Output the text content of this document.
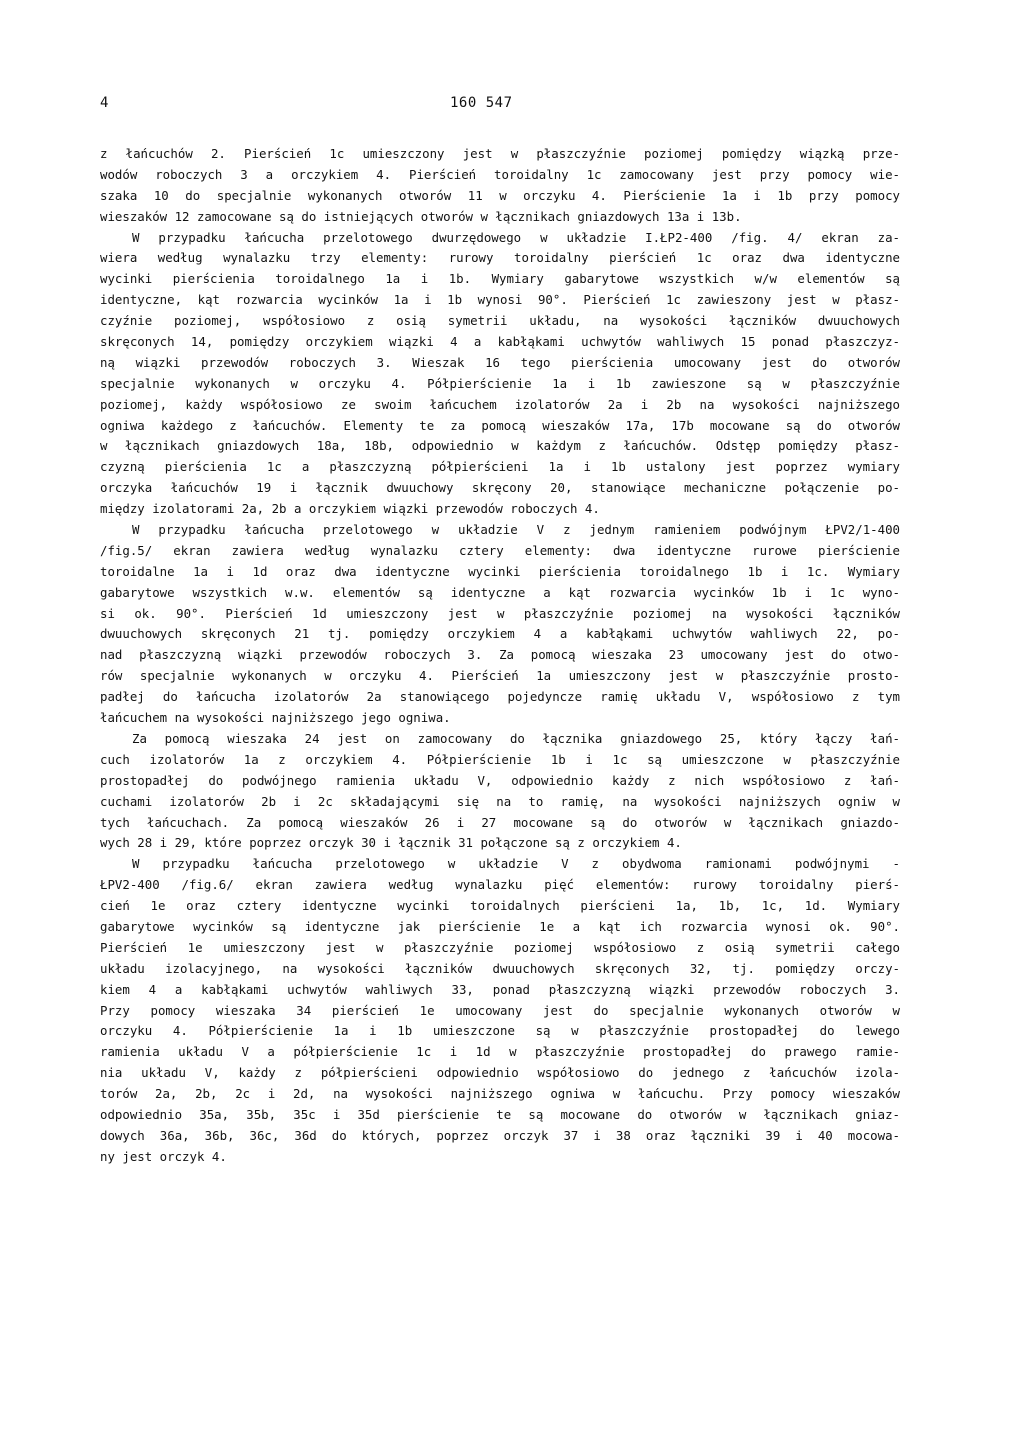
4	160 547
z łańcuchów 2. Pierścień 1c umieszczony jest w płaszczyźnie poziomej pomiędzy wiązką prze-
wodów roboczych 3 a orczykiem 4. Pierścień toroidalny 1c zamocowany jest przy pomocy wie-
szaka 10 do specjalnie wykonanych otworów 11 w orczyku 4. Pierścienie 1a i 1b przy pomocy
wieszaków 12 zamocowane są do istniejących otworów w łącznikach gniazdowych 13a i 13b.
W przypadku łańcucha przelotowego dwurzędowego w układzie I.ŁP2-400 /fig. 4/ ekran za-
wiera według wynalazku trzy elementy: rurowy toroidalny pierścień 1c oraz dwa identyczne
wycinki pierścienia toroidalnego 1a i 1b. Wymiary gabarytowe wszystkich w/w elementów są
identyczne, kąt rozwarcia wycinków 1a i 1b wynosi 90°. Pierścień 1c zawieszony jest w płasz-
czyźnie poziomej, współosiowo z osią symetrii układu, na wysokości łączników dwuuchowych
skręconych 14, pomiędzy orczykiem wiązki 4 a kabłąkami uchwytów wahliwych 15 ponad płaszczyz-
ną wiązki przewodów roboczych 3. Wieszak 16 tego pierścienia umocowany jest do otworów
specjalnie wykonanych w orczyku 4. Półpierścienie 1a i 1b zawieszone są w płaszczyźnie
poziomej, każdy współosiowo ze swoim łańcuchem izolatorów 2a i 2b na wysokości najniższego
ogniwa każdego z łańcuchów. Elementy te za pomocą wieszaków 17a, 17b mocowane są do otworów
w łącznikach gniazdowych 18a, 18b, odpowiednio w każdym z łańcuchów. Odstęp pomiędzy płasz-
czyzną pierścienia 1c a płaszczyzną półpierścieni 1a i 1b ustalony jest poprzez wymiary
orczyka łańcuchów 19 i łącznik dwuuchowy skręcony 20, stanowiące mechaniczne połączenie po-
między izolatorami 2a, 2b a orczykiem wiązki przewodów roboczych 4.
W przypadku łańcucha przelotowego w układzie V z jednym ramieniem podwójnym ŁPV2/1-400
/fig.5/ ekran zawiera według wynalazku cztery elementy: dwa identyczne rurowe pierścienie
toroidalne 1a i 1d oraz dwa identyczne wycinki pierścienia toroidalnego 1b i 1c. Wymiary
gabarytowe wszystkich w.w. elementów są identyczne a kąt rozwarcia wycinków 1b i 1c wyno-
si ok. 90°. Pierścień 1d umieszczony jest w płaszczyźnie poziomej na wysokości łączników
dwuuchowych skręconych 21 tj. pomiędzy orczykiem 4 a kabłąkami uchwytów wahliwych 22, po-
nad płaszczyzną wiązki przewodów roboczych 3. Za pomocą wieszaka 23 umocowany jest do otwo-
rów specjalnie wykonanych w orczyku 4. Pierścień 1a umieszczony jest w płaszczyźnie prosto-
padłej do łańcucha izolatorów 2a stanowiącego pojedyncze ramię układu V, współosiowo z tym
łańcuchem na wysokości najniższego jego ogniwa.
Za pomocą wieszaka 24 jest on zamocowany do łącznika gniazdowego 25, który łączy łań-
cuch izolatorów 1a z orczykiem 4. Półpierścienie 1b i 1c są umieszczone w płaszczyźnie
prostopadłej do podwójnego ramienia układu V, odpowiednio każdy z nich współosiowo z łań-
cuchami izolatorów 2b i 2c składającymi się na to ramię, na wysokości najniższych ogniw w
tych łańcuchach. Za pomocą wieszaków 26 i 27 mocowane są do otworów w łącznikach gniazdo-
wych 28 i 29, które poprzez orczyk 30 i łącznik 31 połączone są z orczykiem 4.
W przypadku łańcucha przelotowego w układzie V z obydwoma ramionami podwójnymi -
ŁPV2-400 /fig.6/ ekran zawiera według wynalazku pięć elementów: rurowy toroidalny pierś-
cień 1e oraz cztery identyczne wycinki toroidalnych pierścieni 1a, 1b, 1c, 1d. Wymiary
gabarytowe wycinków są identyczne jak pierścienie 1e a kąt ich rozwarcia wynosi ok. 90°.
Pierścień 1e umieszczony jest w płaszczyźnie poziomej współosiowo z osią symetrii całego
układu izolacyjnego, na wysokości łączników dwuuchowych skręconych 32, tj. pomiędzy orczy-
kiem 4 a kabłąkami uchwytów wahliwych 33, ponad płaszczyzną wiązki przewodów roboczych 3.
Przy pomocy wieszaka 34 pierścień 1e umocowany jest do specjalnie wykonanych otworów w
orczyku 4. Półpierścienie 1a i 1b umieszczone są w płaszczyźnie prostopadłej do lewego
ramienia układu V a półpierścienie 1c i 1d w płaszczyźnie prostopadłej do prawego ramie-
nia układu V, każdy z półpierścieni odpowiednio współosiowo do jednego z łańcuchów izola-
torów 2a, 2b, 2c i 2d, na wysokości najniższego ogniwa w łańcuchu. Przy pomocy wieszaków
odpowiednio 35a, 35b, 35c i 35d pierścienie te są mocowane do otworów w łącznikach gniaz-
dowych 36a, 36b, 36c, 36d do których, poprzez orczyk 37 i 38 oraz łączniki 39 i 40 mocowa-
ny jest orczyk 4.
